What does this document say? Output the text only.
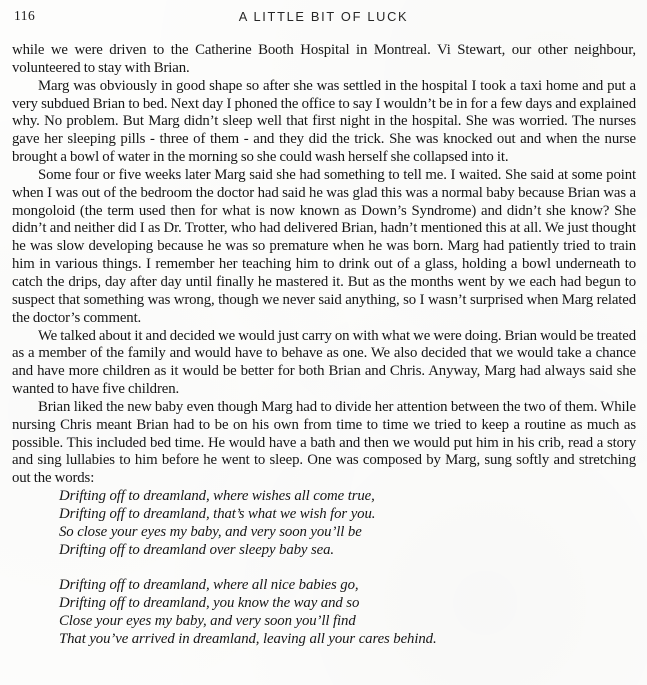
116	A LITTLE BIT OF LUCK

while we were driven to the Catherine Booth Hospital in Montreal. Vi Stewart, our other neighbour, volunteered to stay with Brian.

Marg was obviously in good shape so after she was settled in the hospital I took a taxi home and put a very subdued Brian to bed. Next day I phoned the office to say I wouldn’t be in for a few days and explained why. No problem. But Marg didn’t sleep well that first night in the hospital. She was worried. The nurses gave her sleeping pills - three of them - and they did the trick. She was knocked out and when the nurse brought a bowl of water in the morning so she could wash herself she collapsed into it.

Some four or five weeks later Marg said she had something to tell me. I waited. She said at some point when I was out of the bedroom the doctor had said he was glad this was a normal baby because Brian was a mongoloid (the term used then for what is now known as Down’s Syndrome) and didn’t she know? She didn’t and neither did I as Dr. Trotter, who had delivered Brian, hadn’t mentioned this at all. We just thought he was slow developing because he was so premature when he was born. Marg had patiently tried to train him in various things. I remember her teaching him to drink out of a glass, holding a bowl underneath to catch the drips, day after day until finally he mastered it. But as the months went by we each had begun to suspect that something was wrong, though we never said anything, so I wasn’t surprised when Marg related the doctor’s comment.

We talked about it and decided we would just carry on with what we were doing. Brian would be treated as a member of the family and would have to behave as one. We also decided that we would take a chance and have more children as it would be better for both Brian and Chris. Anyway, Marg had always said she wanted to have five children.

Brian liked the new baby even though Marg had to divide her attention between the two of them. While nursing Chris meant Brian had to be on his own from time to time we tried to keep a routine as much as possible. This included bed time. He would have a bath and then we would put him in his crib, read a story and sing lullabies to him before he went to sleep. One was composed by Marg, sung softly and stretching out the words:

Drifting off to dreamland, where wishes all come true,
Drifting off to dreamland, that’s what we wish for you.
So close your eyes my baby, and very soon you’ll be
Drifting off to dreamland over sleepy baby sea.
Drifting off to dreamland, where all nice babies go,
Drifting off to dreamland, you know the way and so
Close your eyes my baby, and very soon you’ll find
That you’ve arrived in dreamland, leaving all your cares behind.
